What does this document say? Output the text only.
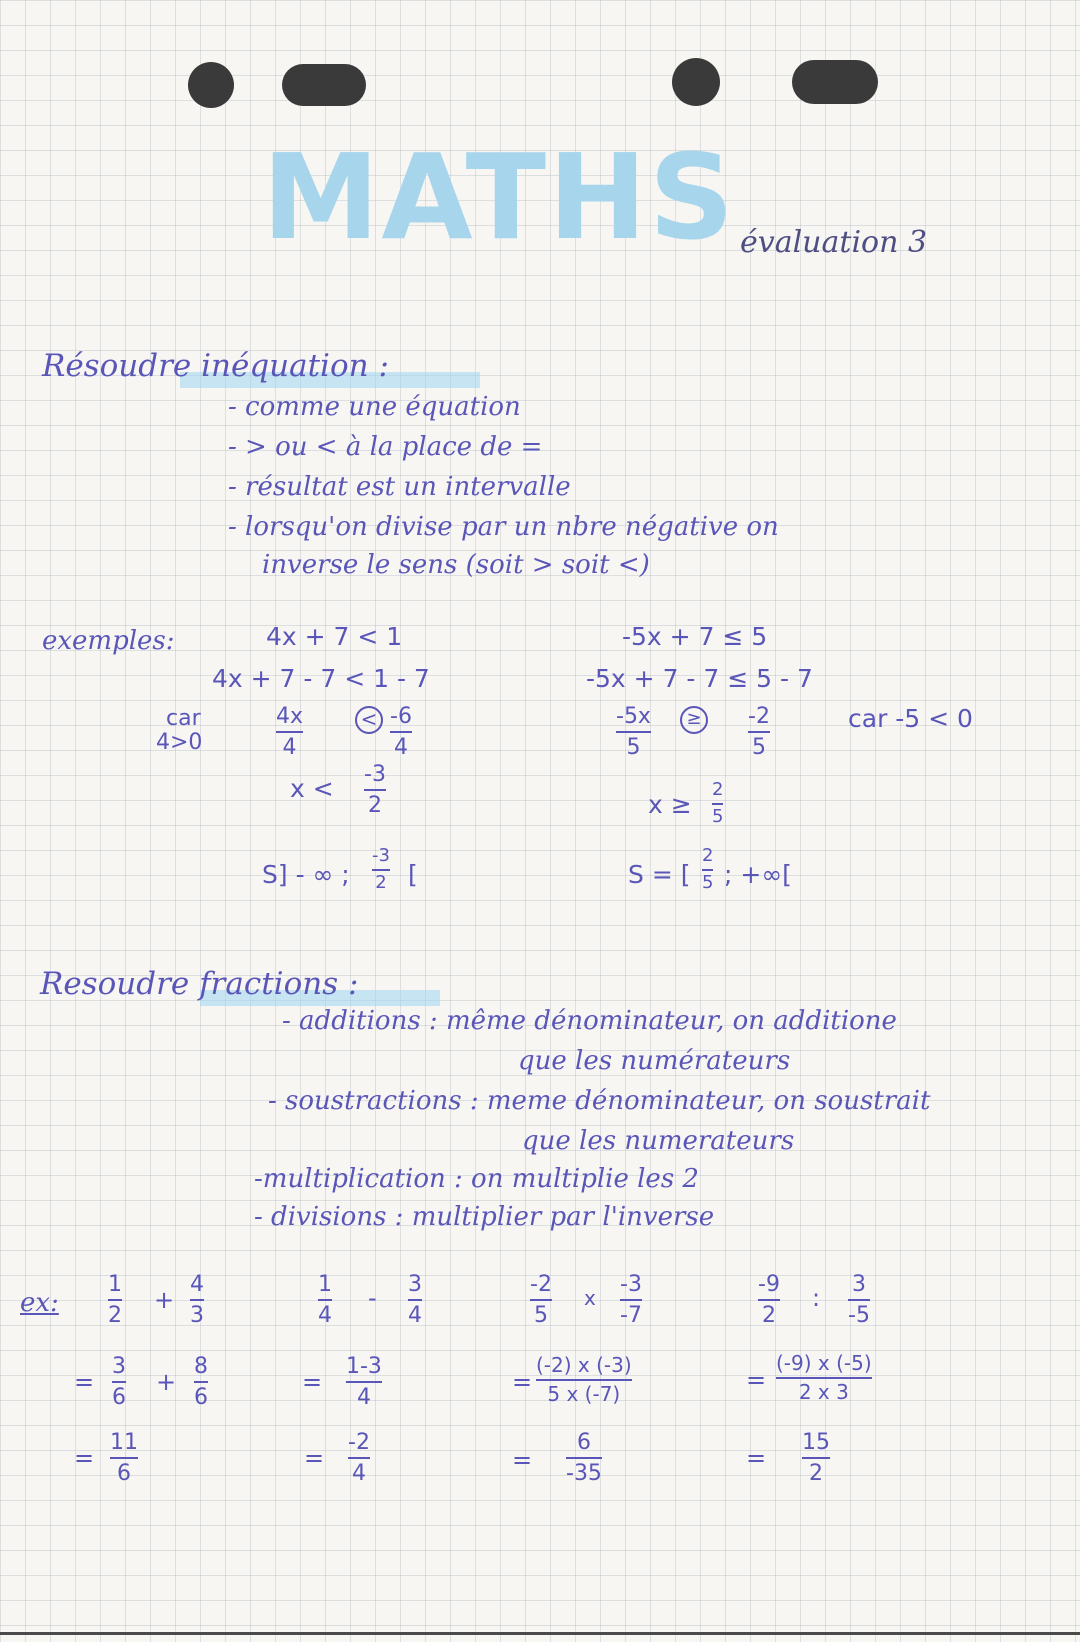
MATHS évaluation 3
Résoudre inéquation :
- comme une équation
- > ou < à la place de =
- résultat est un intervalle
- lorsqu'on divise par un nbre négative on
inverse le sens (soit > soit <)
exemples:	4x + 7 < 1
4x + 7 - 7 < 1 - 7
car
4>0
4x
4
< -6
4
x < -3
2
S] - ∞ ;
-3
2 [
-5x + 7 ≤ 5
-5x + 7 - 7 ≤ 5 - 7
-5x
5
≥ -2
5
car -5 < 0
x ≥
2
5
S = [
2
5 ; +∞[
Resoudre fractions :
- additions : même dénominateur, on additione
que les numérateurs
- soustractions : meme dénominateur, on soustrait
que les numerateurs
-multiplication : on multiplie les 2
- divisions : multiplier par l'inverse
ex:
1
2
+
4
3
=
3
6
+
8
6
=
11
6
1
4
- 3
4
=
1-3
4
=
-2
4
-2
5
x
-3
-7
=
(-2) x (-3)
5 x (-7)
=
6
-35
-9
2
: 3
-5
=
(-9) x (-5)
2 x 3
=
15
2
